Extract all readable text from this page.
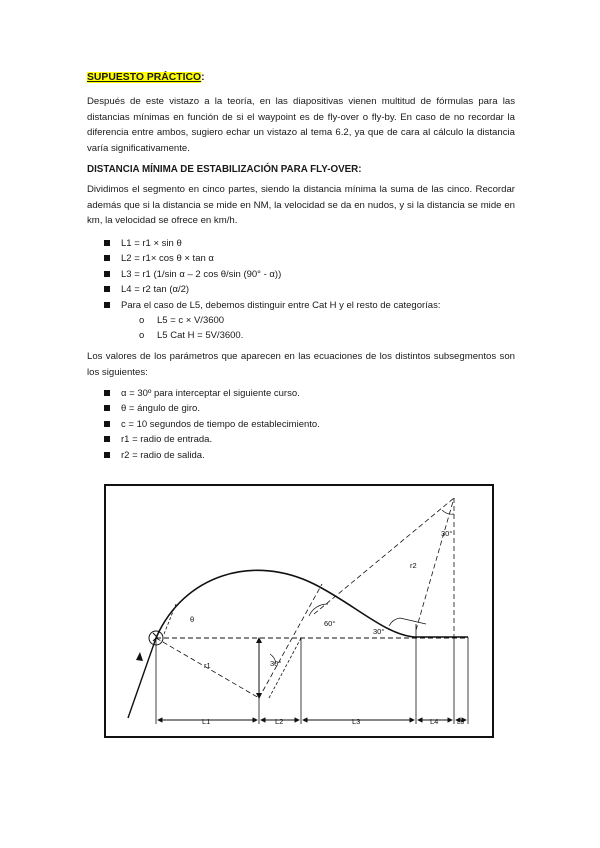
SUPUESTO PRÁCTICO:
Después de este vistazo a la teoría, en las diapositivas vienen multitud de fórmulas para las distancias mínimas en función de si el waypoint es de fly-over o fly-by. En caso de no recordar la diferencia entre ambos, sugiero echar un vistazo al tema 6.2, ya que de cara al cálculo la distancia varía significativamente.
DISTANCIA MÍNIMA DE ESTABILIZACIÓN PARA FLY-OVER:
Dividimos el segmento en cinco partes, siendo la distancia mínima la suma de las cinco. Recordar además que si la distancia se mide en NM, la velocidad se da en nudos, y si la distancia se mide en km, la velocidad se ofrece en km/h.
L1 = r1 × sin θ
L2 = r1× cos θ × tan α
L3 = r1 (1/sin α – 2 cos θ/sin (90° - α))
L4 = r2 tan (α/2)
Para el caso de L5, debemos distinguir entre Cat H y el resto de categorías:
o L5 = c × V/3600
o L5 Cat H = 5V/3600.
Los valores de los parámetros que aparecen en las ecuaciones de los distintos subsegmentos son los siguientes:
α = 30º para interceptar el siguiente curso.
θ = ángulo de giro.
c = 10 segundos de tiempo de establecimiento.
r1 = radio de entrada.
r2 = radio de salida.
L1	L2	L3	L4	L5
θ	60°
30°
30°
30°
r1
r2
